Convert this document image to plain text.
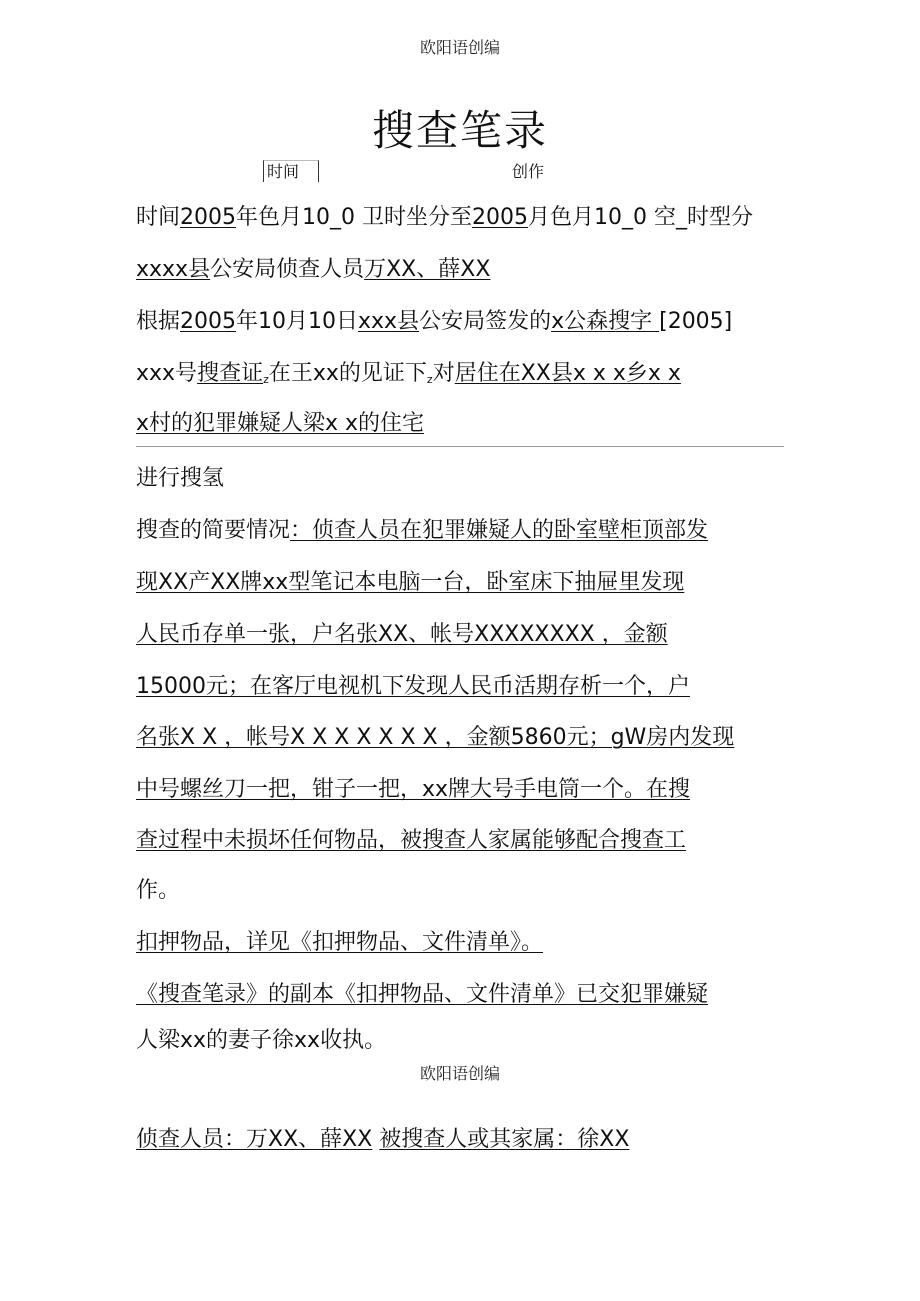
欧阳语创编
搜查笔录
时间	创作
时间2005年色月10_0 卫时坐分至2005月色月10_0 空_时型分
xxxx县公安局侦查人员万XX、薛XX
根据2005年10月10日xxx县公安局签发的x公森搜字 [2005]
xxx号搜查证$_z$在王xx的见证下$_z$对居住在XX县x x x乡x x
x村的犯罪嫌疑人梁x x的住宅
进行搜氢
搜查的简要情况：侦查人员在犯罪嫌疑人的卧室壁柜顶部发
现XX产XX牌xx型笔记本电脑一台，卧室床下抽屉里发现
人民币存单一张，户名张XX、帐号XXXXXXXX ，金额
15000元；在客厅电视机下发现人民币活期存析一个，户
名张X X ，帐号X X X X X X X ，金额5860元；gW房内发现
中号螺丝刀一把，钳子一把，xx牌大号手电筒一个。在搜
查过程中未损坏任何物品，被搜查人家属能够配合搜查工
作。
扣押物品，详见《扣押物品、文件清单》。
《搜查笔录》的副本《扣押物品、文件清单》已交犯罪嫌疑
人梁xx的妻子徐xx收执。
侦查人员：万XX、薛XX 被搜查人或其家属：徐XX
欧阳语创编
